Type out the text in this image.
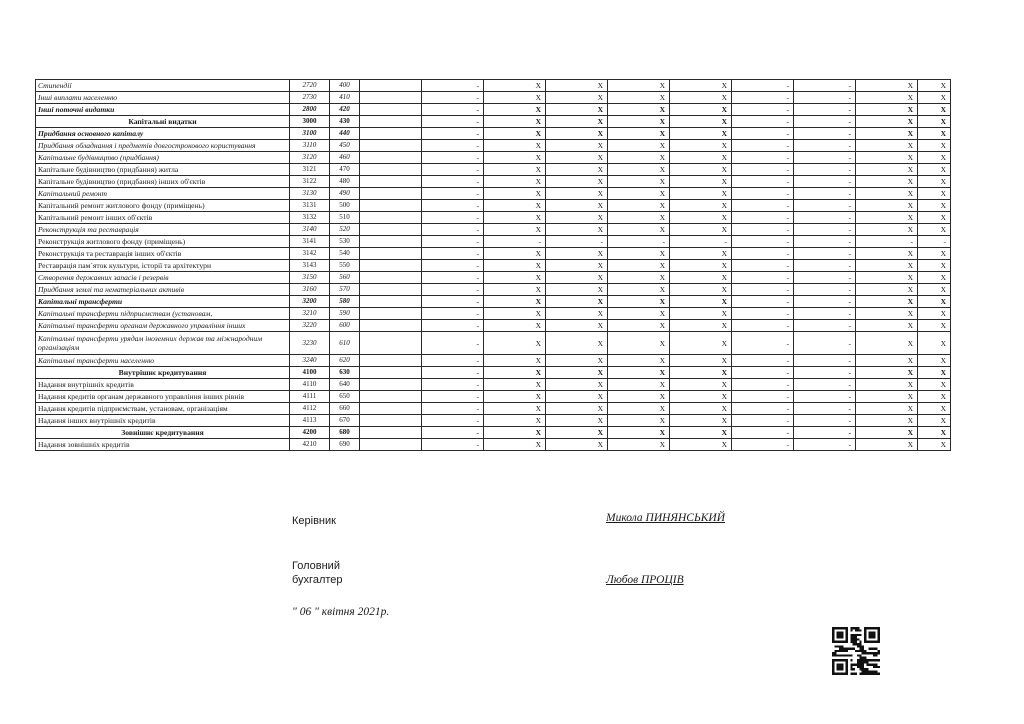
Стипендії	2720	400		-	X	X	X	X	-	-	X	X
Інші виплати населенню	2730	410		-	X	X	X	X	-	-	X	X
Інші поточні видатки	2800	420		-	X	X	X	X	-	-	X	X
Капітальні видатки	3000	430		-	X	X	X	X	-	-	X	X
Придбання основного капіталу	3100	440		-	X	X	X	X	-	-	X	X
Придбання обладнання і предметів довгострокового користування	3110	450		-	X	X	X	X	-	-	X	X
Капітальне будівництво (придбання)	3120	460		-	X	X	X	X	-	-	X	X
Капітальне будівництво (придбання) житла	3121	470		-	X	X	X	X	-	-	X	X
Капітальне будівництво (придбання) інших об'єктів	3122	480		-	X	X	X	X	-	-	X	X
Капітальний ремонт	3130	490		-	X	X	X	X	-	-	X	X
Капітальний ремонт житлового фонду (приміщень)	3131	500		-	X	X	X	X	-	-	X	X
Капітальний ремонт інших об'єктів	3132	510		-	X	X	X	X	-	-	X	X
Реконструкція та реставрація	3140	520		-	X	X	X	X	-	-	X	X
Реконструкція житлового фонду (приміщень)	3141	530		-	-	-	-	-	-	-	-	-
Реконструкція та реставрація інших об'єктів	3142	540		-	X	X	X	X	-	-	X	X
Реставрація пам`яток культури, історії та архітектури	3143	550		-	X	X	X	X	-	-	X	X
Створення державних запасів і резервів	3150	560		-	X	X	X	X	-	-	X	X
Придбання землі та нематеріальних активів	3160	570		-	X	X	X	X	-	-	X	X
Капітальні трансферти	3200	580		-	X	X	X	X	-	-	X	X
Капітальні трансферти підприємствам (установам,	3210	590		-	X	X	X	X	-	-	X	X
Капітальні трансферти органам державного управління інших	3220	600		-	X	X	X	X	-	-	X	X
Капітальні трансферти урядам іноземних держав та міжнародним організаціям	3230	610		-	X	X	X	X	-	-	X	X
Капітальні трансферти населенню	3240	620		-	X	X	X	X	-	-	X	X
Внутрішнє кредитування	4100	630		-	X	X	X	X	-	-	X	X
Надання внутрішніх кредитів	4110	640		-	X	X	X	X	-	-	X	X
Надання кредитів органам державного управління інших рівнів	4111	650		-	X	X	X	X	-	-	X	X
Надання кредитів підприємствам, установам, організаціям	4112	660		-	X	X	X	X	-	-	X	X
Надання інших внутрішніх кредитів	4113	670		-	X	X	X	X	-	-	X	X
Зовнішнє кредитування	4200	680		-	X	X	X	X	-	-	X	X
Надання зовнішніх кредитів	4210	690		-	X	X	X	X	-	-	X	X
Керівник	Микола ПИНЯНСЬКИЙ
Головний
бухгалтер	Любов ПРОЦІВ
" 06 " квітня 2021р.
